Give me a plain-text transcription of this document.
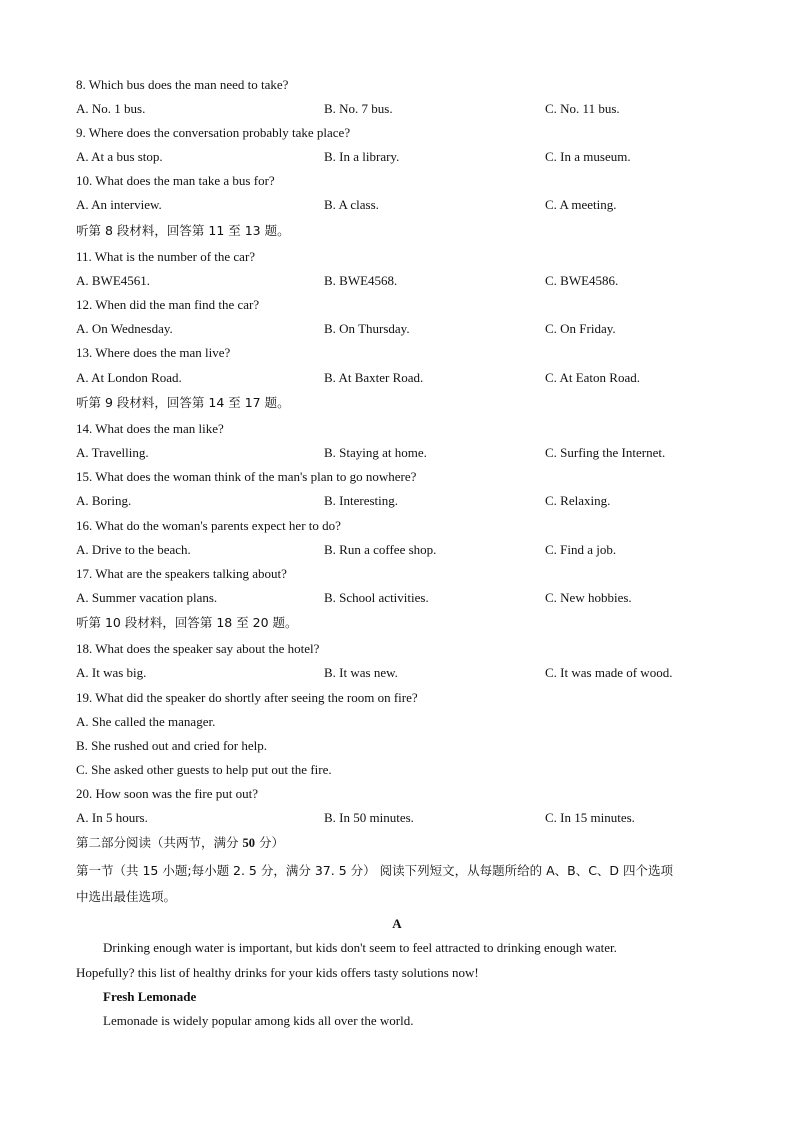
8. Which bus does the man need to take?
A. No. 1 bus.	B. No. 7 bus.	C. No. 11 bus.
9. Where does the conversation probably take place?
A. At a bus stop.	B. In a library.	C. In a museum.
10. What does the man take a bus for?
A. An interview.	B. A class.	C. A meeting.
听第 8 段材料，回答第 11 至 13 题。
11. What is the number of the car?
A. BWE4561.	B. BWE4568.	C. BWE4586.
12. When did the man find the car?
A. On Wednesday.	B. On Thursday.	C. On Friday.
13. Where does the man live?
A. At London Road.	B. At Baxter Road.	C. At Eaton Road.
听第 9 段材料，回答第 14 至 17 题。
14. What does the man like?
A. Travelling.	B. Staying at home.	C. Surfing the Internet.
15. What does the woman think of the man's plan to go nowhere?
A. Boring.	B. Interesting.	C. Relaxing.
16. What do the woman's parents expect her to do?
A. Drive to the beach.	B. Run a coffee shop.	C. Find a job.
17. What are the speakers talking about?
A. Summer vacation plans.	B. School activities.	C. New hobbies.
听第 10 段材料，回答第 18 至 20 题。
18. What does the speaker say about the hotel?
A. It was big.	B. It was new.	C. It was made of wood.
19. What did the speaker do shortly after seeing the room on fire?
A. She called the manager.
B. She rushed out and cried for help.
C. She asked other guests to help put out the fire.
20. How soon was the fire put out?
A. In 5 hours.	B. In 50 minutes.	C. In 15 minutes.
第二部分阅读（共两节，满分 50 分）
第一节（共 15 小题;每小题 2. 5 分，满分 37. 5 分） 阅读下列短文，从每题所给的 A、B、C、D 四个选项
中选出最佳选项。
A
Drinking enough water is important, but kids don't seem to feel attracted to drinking enough water.
Hopefully? this list of healthy drinks for your kids offers tasty solutions now!
Fresh Lemonade
Lemonade is widely popular among kids all over the world.
